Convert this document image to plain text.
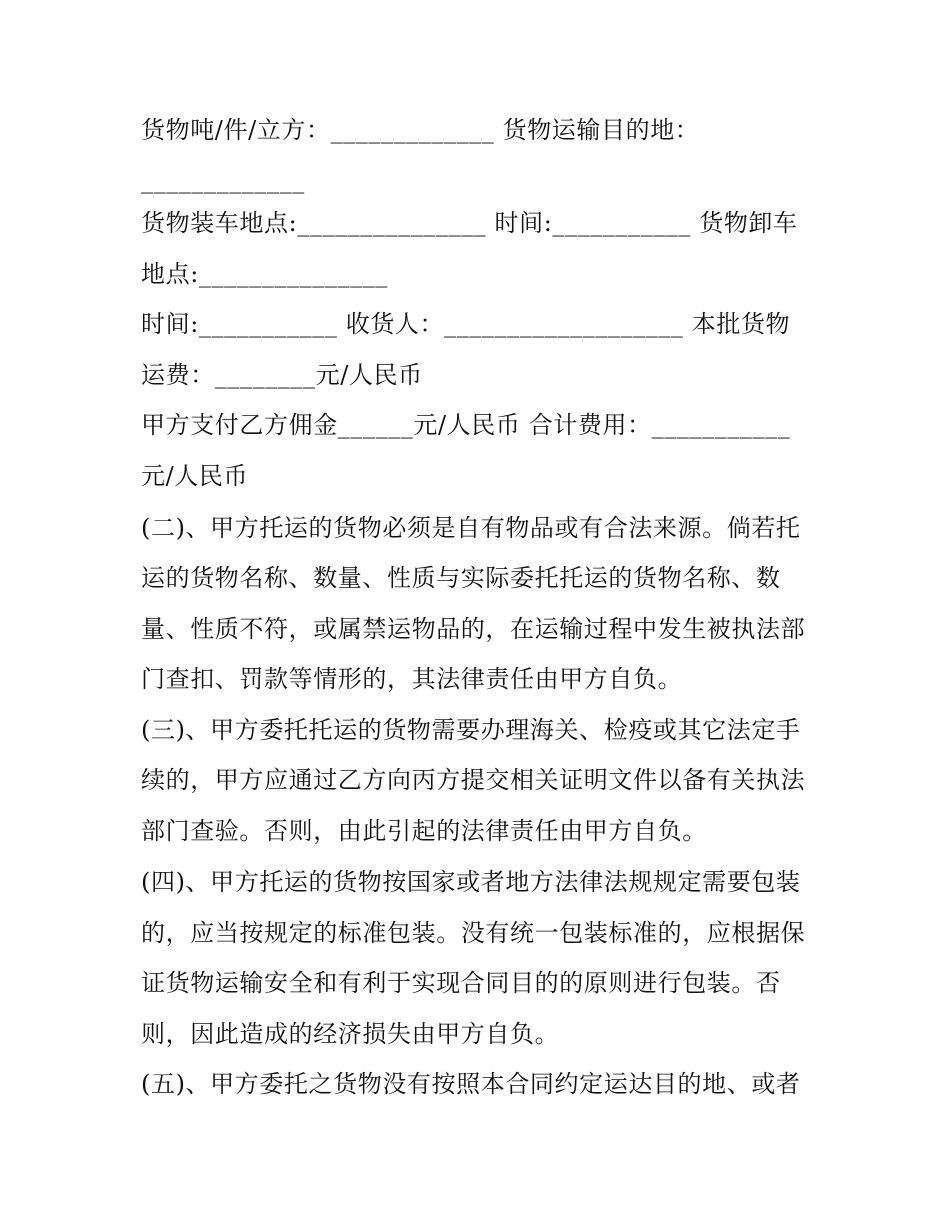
货物吨/件/立方：_____________ 货物运输目的地：
_____________
货物装车地点:_______________ 时间:___________ 货物卸车
地点:_______________
时间:___________ 收货人：___________________ 本批货物
运费：________元/人民币
甲方支付乙方佣金______元/人民币 合计费用：___________
元/人民币
(二)、甲方托运的货物必须是自有物品或有合法来源。倘若托
运的货物名称、数量、性质与实际委托托运的货物名称、数
量、性质不符，或属禁运物品的，在运输过程中发生被执法部
门查扣、罚款等情形的，其法律责任由甲方自负。
(三)、甲方委托托运的货物需要办理海关、检疫或其它法定手
续的，甲方应通过乙方向丙方提交相关证明文件以备有关执法
部门查验。否则，由此引起的法律责任由甲方自负。
(四)、甲方托运的货物按国家或者地方法律法规规定需要包装
的，应当按规定的标准包装。没有统一包装标准的，应根据保
证货物运输安全和有利于实现合同目的的原则进行包装。否
则，因此造成的经济损失由甲方自负。
(五)、甲方委托之货物没有按照本合同约定运达目的地、或者
